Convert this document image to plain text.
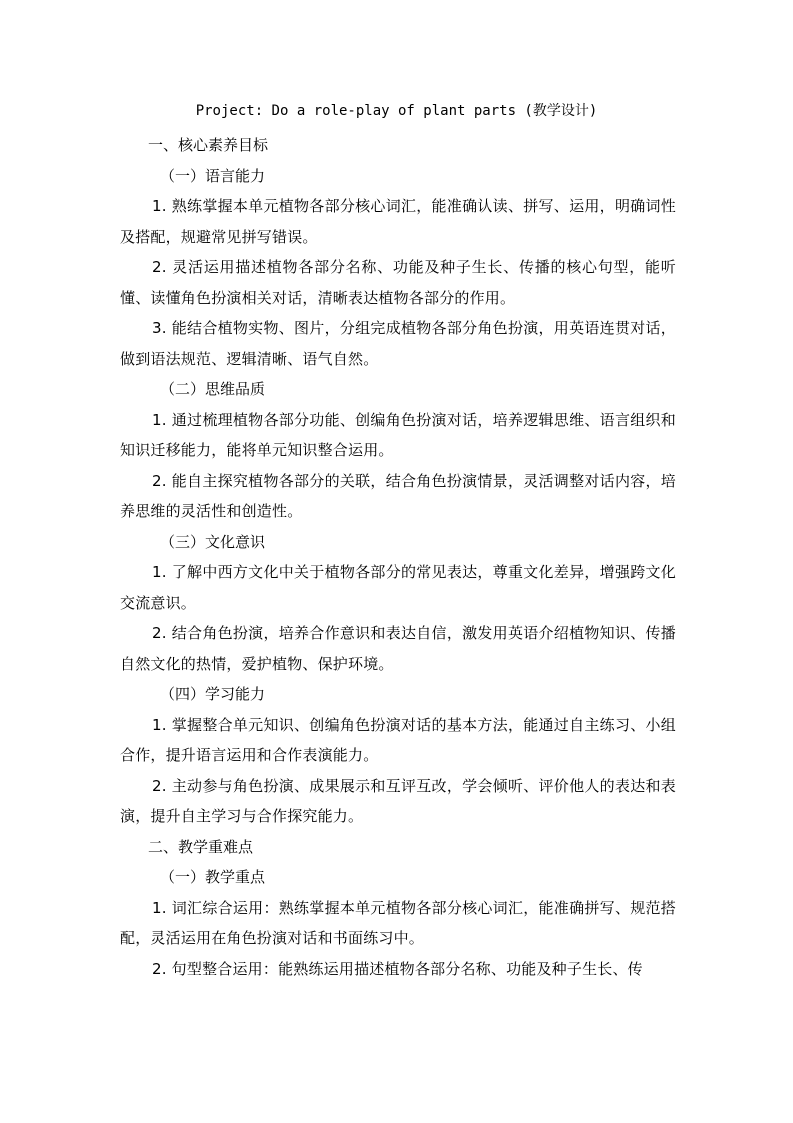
Project: Do a role-play of plant parts (教学设计)

一、核心素养目标

（一）语言能力

1. 熟练掌握本单元植物各部分核心词汇，能准确认读、拼写、运用，明确词性及搭配，规避常见拼写错误。

2. 灵活运用描述植物各部分名称、功能及种子生长、传播的核心句型，能听懂、读懂角色扮演相关对话，清晰表达植物各部分的作用。

3. 能结合植物实物、图片，分组完成植物各部分角色扮演，用英语连贯对话，做到语法规范、逻辑清晰、语气自然。

（二）思维品质

1. 通过梳理植物各部分功能、创编角色扮演对话，培养逻辑思维、语言组织和知识迁移能力，能将单元知识整合运用。

2. 能自主探究植物各部分的关联，结合角色扮演情景，灵活调整对话内容，培养思维的灵活性和创造性。

（三）文化意识

1. 了解中西方文化中关于植物各部分的常见表达，尊重文化差异，增强跨文化交流意识。

2. 结合角色扮演，培养合作意识和表达自信，激发用英语介绍植物知识、传播自然文化的热情，爱护植物、保护环境。

（四）学习能力

1. 掌握整合单元知识、创编角色扮演对话的基本方法，能通过自主练习、小组合作，提升语言运用和合作表演能力。

2. 主动参与角色扮演、成果展示和互评互改，学会倾听、评价他人的表达和表演，提升自主学习与合作探究能力。

二、教学重难点

（一）教学重点

1. 词汇综合运用：熟练掌握本单元植物各部分核心词汇，能准确拼写、规范搭配，灵活运用在角色扮演对话和书面练习中。

2. 句型整合运用：能熟练运用描述植物各部分名称、功能及种子生长、传
